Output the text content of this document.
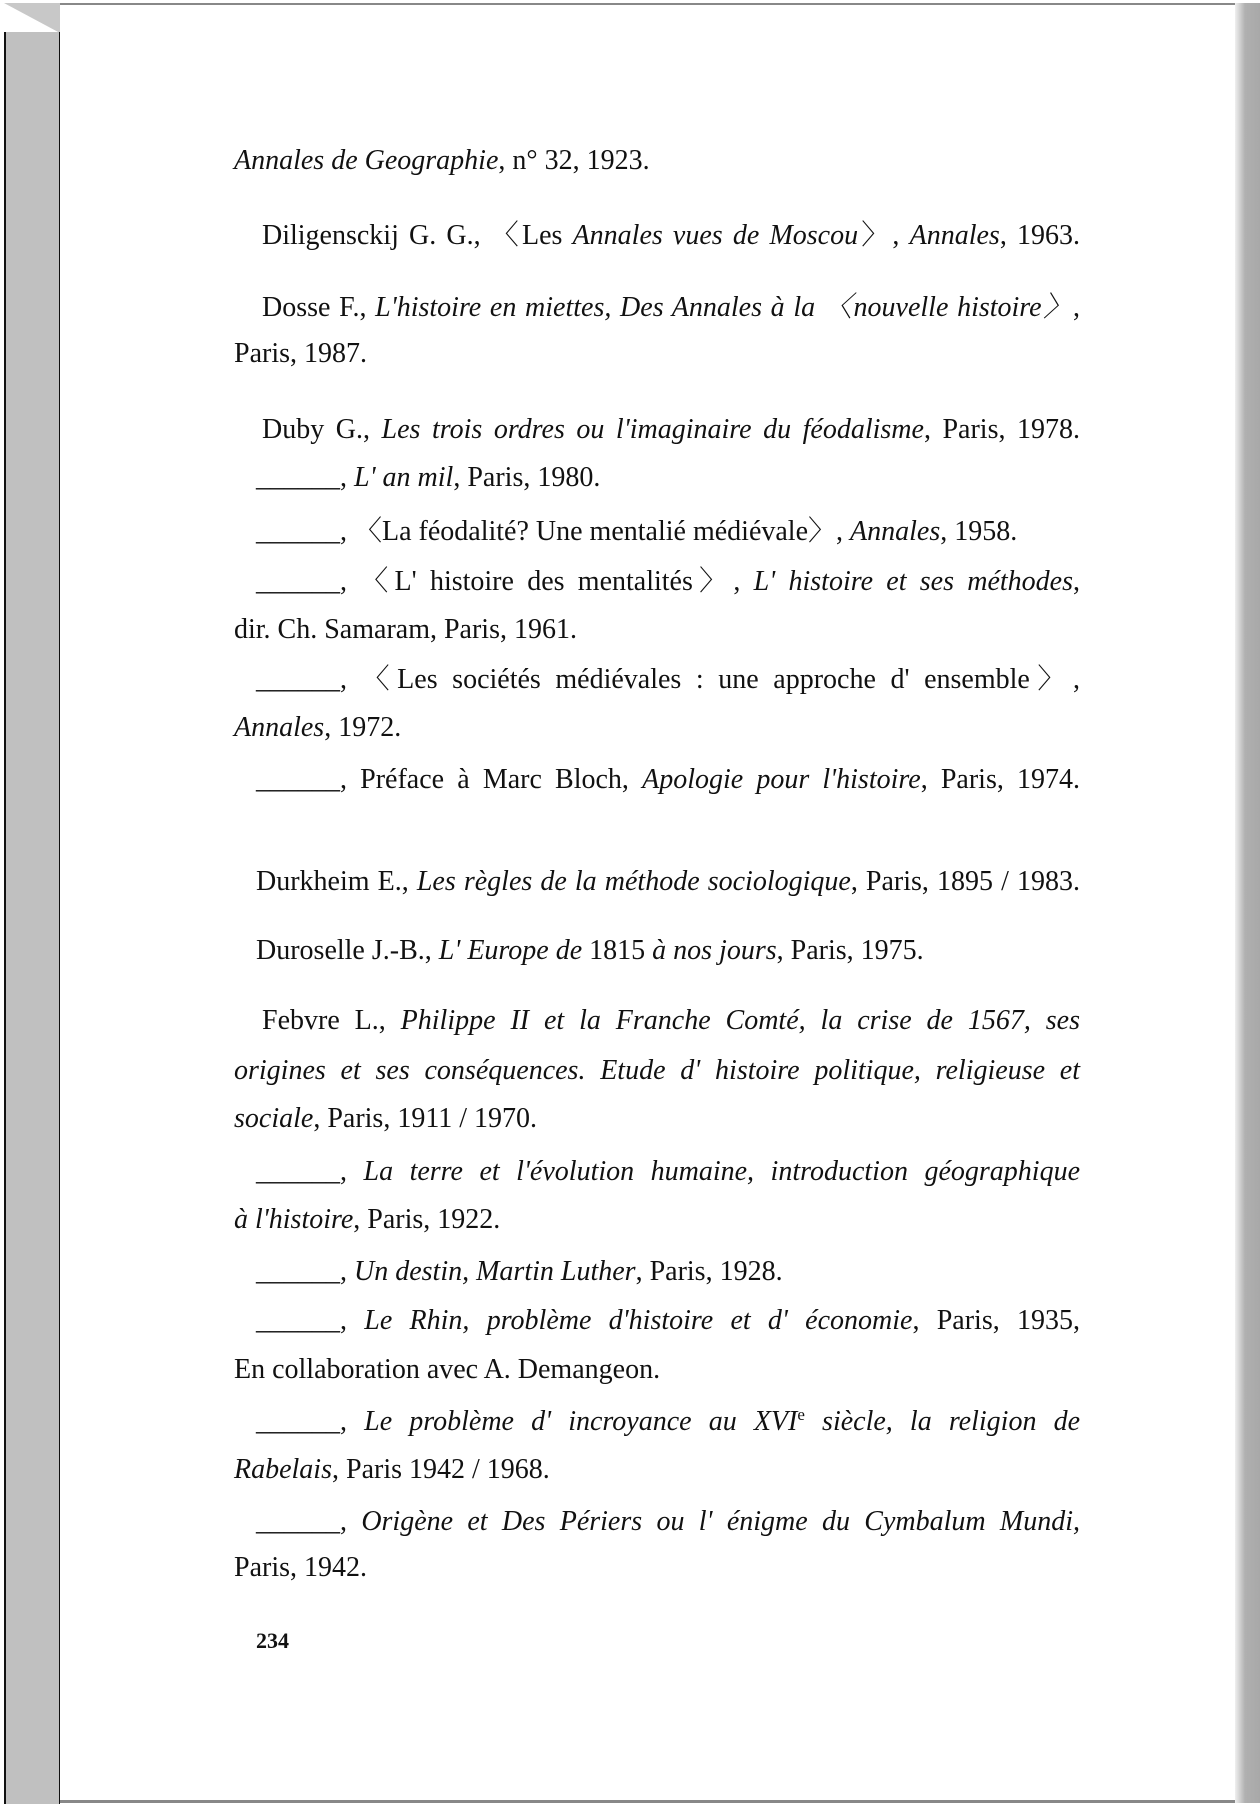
Annales de Geographie, n° 32, 1923.
Diligensckij G. G., 〈Les Annales vues de Moscou〉, Annales, 1963.
Dosse F., L'histoire en miettes, Des Annales à la 〈nouvelle histoire〉,
Paris, 1987.
Duby G., Les trois ordres ou l'imaginaire du féodalisme, Paris, 1978.
______, L' an mil, Paris, 1980.
______, 〈La féodalité? Une mentalié médiévale〉, Annales, 1958.
______, 〈L' histoire des mentalités〉, L' histoire et ses méthodes,
dir. Ch. Samaram, Paris, 1961.
______, 〈Les sociétés médiévales : une approche d' ensemble〉,
Annales, 1972.
______, Préface à Marc Bloch, Apologie pour l'histoire, Paris, 1974.
Durkheim E., Les règles de la méthode sociologique, Paris, 1895 / 1983.
Duroselle J.-B., L' Europe de 1815 à nos jours, Paris, 1975.
Febvre L., Philippe II et la Franche Comté, la crise de 1567, ses
origines et ses conséquences. Etude d' histoire politique, religieuse et
sociale, Paris, 1911 / 1970.
______, La terre et l'évolution humaine, introduction géographique
à l'histoire, Paris, 1922.
______, Un destin, Martin Luther, Paris, 1928.
______, Le Rhin, problème d'histoire et d' économie, Paris, 1935,
En collaboration avec A. Demangeon.
______, Le problème d' incroyance au XVIe siècle, la religion de
Rabelais, Paris 1942 / 1968.
______, Origène et Des Périers ou l' énigme du Cymbalum Mundi,
Paris, 1942.
234
